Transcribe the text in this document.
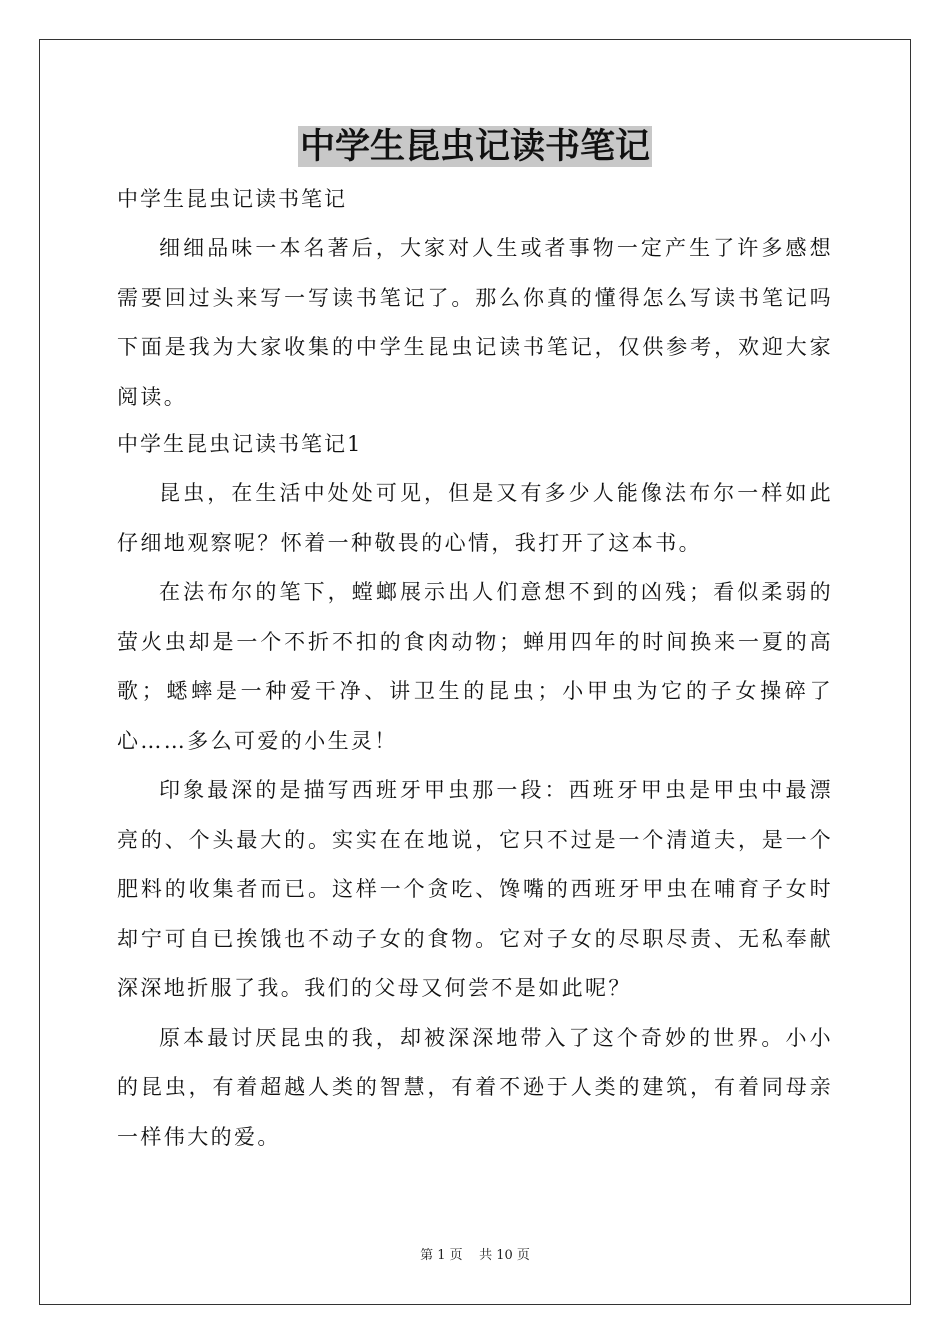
中学生昆虫记读书笔记

中学生昆虫记读书笔记

细细品味一本名著后，大家对人生或者事物一定产生了许多感想需要回过头来写一写读书笔记了。那么你真的懂得怎么写读书笔记吗下面是我为大家收集的中学生昆虫记读书笔记，仅供参考，欢迎大家阅读。

中学生昆虫记读书笔记1

昆虫，在生活中处处可见，但是又有多少人能像法布尔一样如此仔细地观察呢？怀着一种敬畏的心情，我打开了这本书。

在法布尔的笔下，螳螂展示出人们意想不到的凶残；看似柔弱的萤火虫却是一个不折不扣的食肉动物；蝉用四年的时间换来一夏的高歌；蟋蟀是一种爱干净、讲卫生的昆虫；小甲虫为它的子女操碎了心……多么可爱的小生灵！

印象最深的是描写西班牙甲虫那一段：西班牙甲虫是甲虫中最漂亮的、个头最大的。实实在在地说，它只不过是一个清道夫，是一个肥料的收集者而已。这样一个贪吃、馋嘴的西班牙甲虫在哺育子女时却宁可自已挨饿也不动子女的食物。它对子女的尽职尽责、无私奉献深深地折服了我。我们的父母又何尝不是如此呢？

原本最讨厌昆虫的我，却被深深地带入了这个奇妙的世界。小小的昆虫，有着超越人类的智慧，有着不逊于人类的建筑，有着同母亲一样伟大的爱。

第 1 页    共 10 页
